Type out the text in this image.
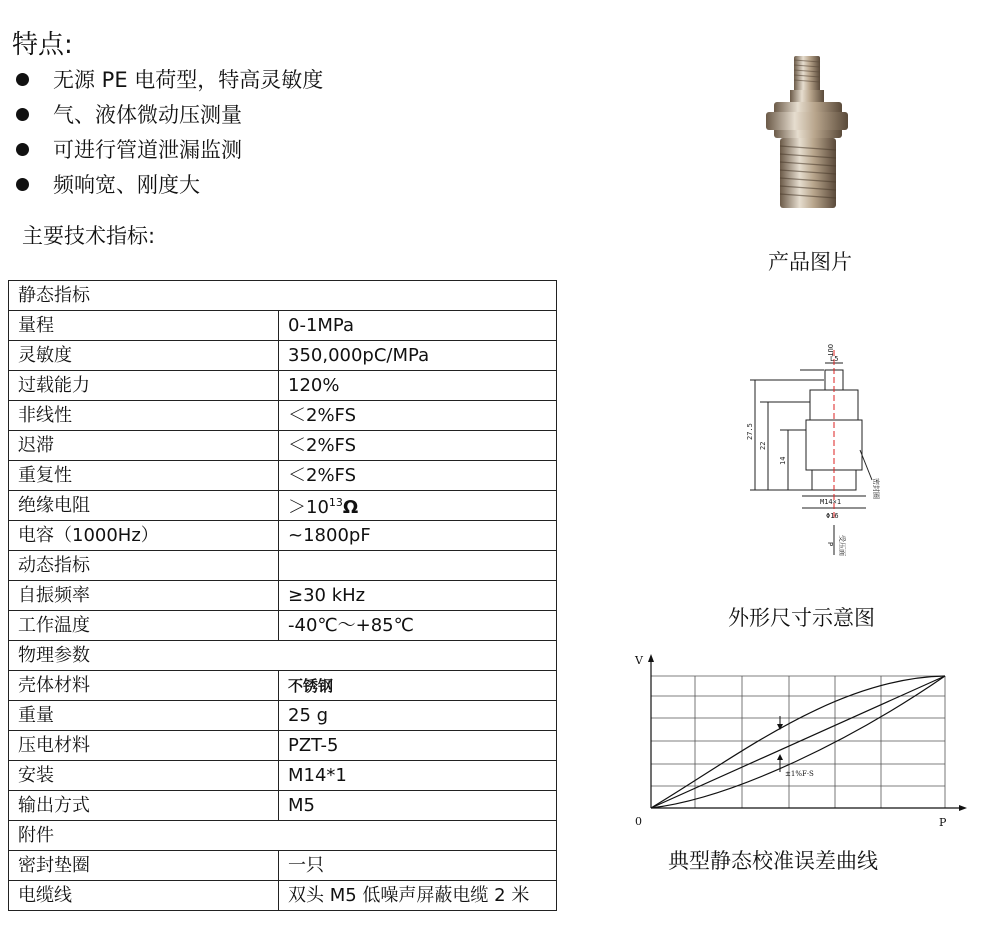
特点:
无源 PE 电荷型，特高灵敏度
气、液体微动压测量
可进行管道泄漏监测
频响宽、刚度大
主要技术指标:
静态指标	
量程	0-1MPa
灵敏度	350,000pC/MPa
过载能力	120%
非线性	＜2%FS
迟滞	＜2%FS
重复性	＜2%FS
绝缘电阻	$>10^{13}\Omega$
电容（1000Hz）	~1800pF
动态指标	
自振频率	≥30 kHz
工作温度	-40℃～+85℃
物理参数	
壳体材料	不锈钢
重量	25 g
压电材料	PZT-5
安装	M14*1
输出方式	M5
附件	
密封垫圈	一只
电缆线	双头 M5 低噪声屏蔽电缆 2 米
产品图片
OUT
L5
27.5
22
14
M14×1
Φ16
密封圈
P 受压面
外形尺寸示意图
V
P
0
±1%F·S
典型静态校准误差曲线
